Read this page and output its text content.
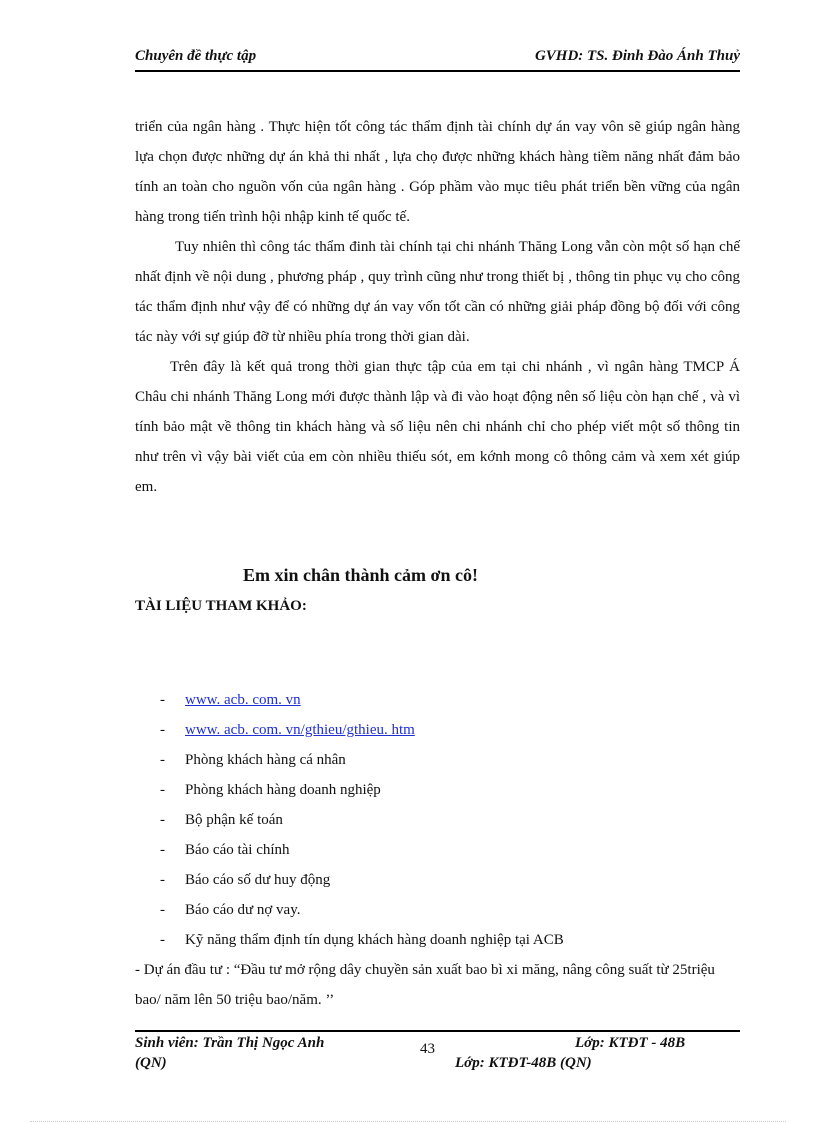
Chuyên đề thực tập	GVHD: TS. Đinh Đào Ánh Thuỷ

triển của ngân hàng . Thực hiện tốt công tác thẩm định tài chính dự án vay vôn sẽ giúp ngân hàng lựa chọn được những dự án khả thi nhất , lựa chọ được những khách hàng tiềm năng nhất đảm bảo tính an toàn cho nguồn vốn của ngân hàng . Góp phầm vào mục tiêu phát triển bền vững của ngân hàng trong tiến trình hội nhập kinh tế quốc tế.

Tuy nhiên thì công tác thẩm đinh tài chính tại chi nhánh Thăng Long vẫn còn một số hạn chế nhất định về nội dung , phương pháp , quy trình cũng như trong thiết bị , thông tin phục vụ cho công tác thẩm định như vậy để có những dự án vay vốn tốt cần có những giải pháp đồng bộ đối với công tác này với sự giúp đỡ từ nhiều phía trong thời gian dài.

Trên đây là kết quả trong thời gian thực tập của em tại chi nhánh , vì ngân hàng TMCP Á Châu chi nhánh Thăng Long mới được thành lập và đi vào hoạt động nên số liệu còn hạn chế , và vì tính bảo mật về thông tin khách hàng và số liệu nên chi nhánh chỉ cho phép viết một số thông tin như trên vì vậy bài viết của em còn nhiều thiếu sót, em kớnh mong cô thông cảm và xem xét giúp em.

Em xin chân thành cảm ơn cô!
TÀI LIỆU THAM KHẢO:
- www. acb. com. vn
- www. acb. com. vn/gthieu/gthieu. htm
- Phòng khách hàng cá nhân
- Phòng khách hàng doanh nghiệp
- Bộ phận kế toán
- Báo cáo tài chính
- Báo cáo số dư huy động
- Báo cáo dư nợ vay.
- Kỹ năng thẩm định tín dụng khách hàng doanh nghiệp tại ACB
- Dự án đầu tư : “Đầu tư mở rộng dây chuyền sản xuất bao bì xi măng, nâng công suất từ 25triệu bao/ năm lên 50 triệu bao/năm. ’’
Sinh viên: Trần Thị Ngọc Anh
(QN)
43	Lớp: KTĐT - 48B
Lớp: KTĐT-48B (QN)
